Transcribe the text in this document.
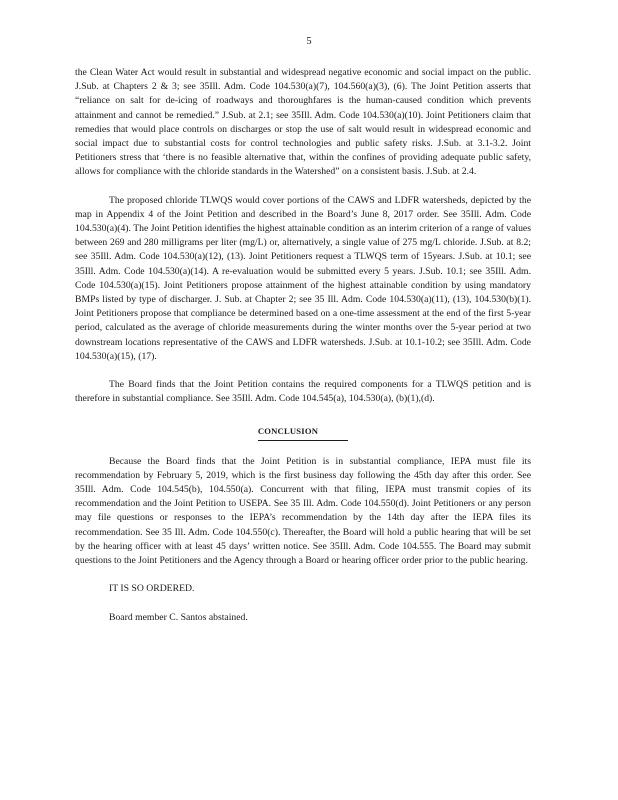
5

the Clean Water Act would result in substantial and widespread negative economic and social impact on the public. J.Sub. at Chapters 2 & 3; see 35Ill. Adm. Code 104.530(a)(7), 104.560(a)(3), (6). The Joint Petition asserts that “reliance on salt for de-icing of roadways and thoroughfares is the human-caused condition which prevents attainment and cannot be remedied.” J.Sub. at 2.1; see 35Ill. Adm. Code 104.530(a)(10). Joint Petitioners claim that remedies that would place controls on discharges or stop the use of salt would result in widespread economic and social impact due to substantial costs for control technologies and public safety risks. J.Sub. at 3.1-3.2. Joint Petitioners stress that ‘there is no feasible alternative that, within the confines of providing adequate public safety, allows for compliance with the chloride standards in the Watershed” on a consistent basis. J.Sub. at 2.4.

The proposed chloride TLWQS would cover portions of the CAWS and LDFR watersheds, depicted by the map in Appendix 4 of the Joint Petition and described in the Board’s June 8, 2017 order. See 35Ill. Adm. Code 104.530(a)(4). The Joint Petition identifies the highest attainable condition as an interim criterion of a range of values between 269 and 280 milligrams per liter (mg/L) or, alternatively, a single value of 275 mg/L chloride. J.Sub. at 8.2; see 35Ill. Adm. Code 104.530(a)(12), (13). Joint Petitioners request a TLWQS term of 15years. J.Sub. at 10.1; see 35Ill. Adm. Code 104.530(a)(14). A re-evaluation would be submitted every 5 years. J.Sub. 10.1; see 35Ill. Adm. Code 104.530(a)(15). Joint Petitioners propose attainment of the highest attainable condition by using mandatory BMPs listed by type of discharger. J. Sub. at Chapter 2; see 35 Ill. Adm. Code 104.530(a)(11), (13), 104.530(b)(1). Joint Petitioners propose that compliance be determined based on a one-time assessment at the end of the first 5-year period, calculated as the average of chloride measurements during the winter months over the 5-year period at two downstream locations representative of the CAWS and LDFR watersheds. J.Sub. at 10.1-10.2; see 35Ill. Adm. Code 104.530(a)(15), (17).

The Board finds that the Joint Petition contains the required components for a TLWQS petition and is therefore in substantial compliance. See 35Ill. Adm. Code 104.545(a), 104.530(a), (b)(1),(d).

CONCLUSION

Because the Board finds that the Joint Petition is in substantial compliance, IEPA must file its recommendation by February 5, 2019, which is the first business day following the 45th day after this order. See 35Ill. Adm. Code 104.545(b), 104.550(a). Concurrent with that filing, IEPA must transmit copies of its recommendation and the Joint Petition to USEPA. See 35 Ill. Adm. Code 104.550(d). Joint Petitioners or any person may file questions or responses to the IEPA’s recommendation by the 14th day after the IEPA files its recommendation. See 35 Ill. Adm. Code 104.550(c). Thereafter, the Board will hold a public hearing that will be set by the hearing officer with at least 45 days’ written notice. See 35Ill. Adm. Code 104.555. The Board may submit questions to the Joint Petitioners and the Agency through a Board or hearing officer order prior to the public hearing.

IT IS SO ORDERED.

Board member C. Santos abstained.
